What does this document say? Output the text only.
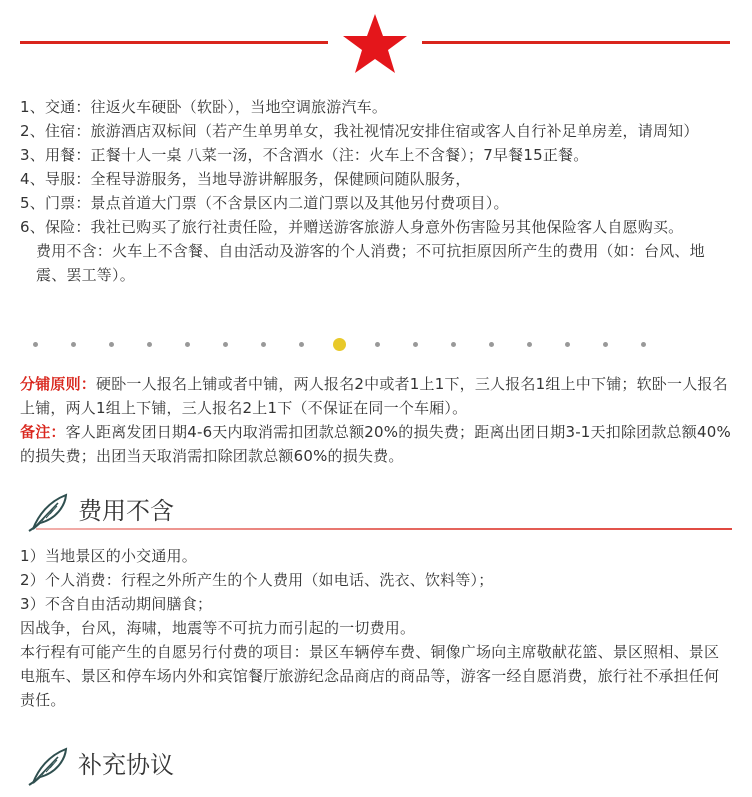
1、交通：往返火车硬卧（软卧），当地空调旅游汽车。

2、住宿：旅游酒店双标间（若产生单男单女，我社视情况安排住宿或客人自行补足单房差，请周知）

3、用餐：正餐十人一桌 八菜一汤，不含酒水（注：火车上不含餐）；7早餐15正餐。

4、导服：全程导游服务，当地导游讲解服务，保健顾问随队服务，

5、门票：景点首道大门票（不含景区内二道门票以及其他另付费项目）。

6、保险：我社已购买了旅行社责任险，并赠送游客旅游人身意外伤害险另其他保险客人自愿购买。

费用不含：火车上不含餐、自由活动及游客的个人消费；不可抗拒原因所产生的费用（如：台风、地震、罢工等）。

分铺原则：硬卧一人报名上铺或者中铺，两人报名2中或者1上1下，三人报名1组上中下铺；软卧一人报名上铺，两人1组上下铺，三人报名2上1下（不保证在同一个车厢）。

备注：客人距离发团日期4-6天内取消需扣团款总额20%的损失费；距离出团日期3-1天扣除团款总额40%的损失费；出团当天取消需扣除团款总额60%的损失费。

费用不含

1）当地景区的小交通用。

2）个人消费：行程之外所产生的个人费用（如电话、洗衣、饮料等）；

3）不含自由活动期间膳食；

因战争，台风，海啸，地震等不可抗力而引起的一切费用。

本行程有可能产生的自愿另行付费的项目：景区车辆停车费、铜像广场向主席敬献花篮、景区照相、景区电瓶车、景区和停车场内外和宾馆餐厅旅游纪念品商店的商品等，游客一经自愿消费，旅行社不承担任何责任。

补充协议
